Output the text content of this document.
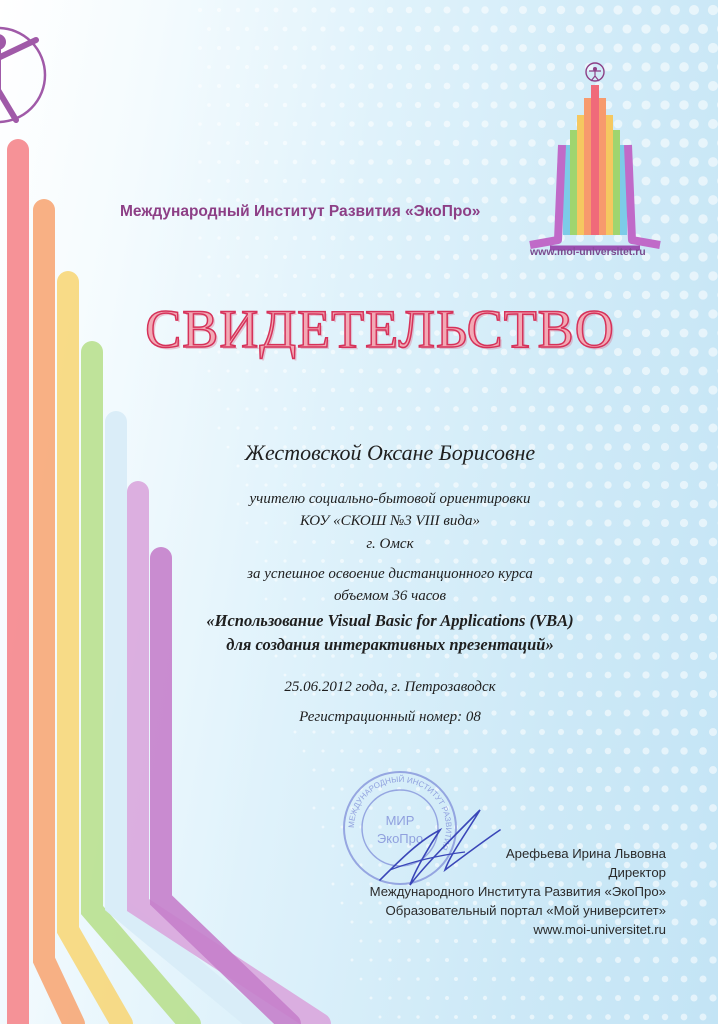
Международный Институт Развития «ЭкоПро»
www.moi-universitet.ru
СВИДЕТЕЛЬСТВО
Жестовской Оксане Борисовне
учителю социально-бытовой ориентировки
КОУ «СКОШ №3 VIII вида»
г. Омск
за успешное освоение дистанционного курса
объемом 36 часов
«Использование Visual Basic for Applications (VBA)
для создания интерактивных презентаций»
25.06.2012 года, г. Петрозаводск
Регистрационный номер: 08
МЕЖДУНАРОДНЫЙ ИНСТИТУТ РАЗВИТИЯ
МИР
ЭкоПро
Арефьева Ирина Львовна
Директор
Международного Института Развития «ЭкоПро»
Образовательный портал «Мой университет»
www.moi-universitet.ru
